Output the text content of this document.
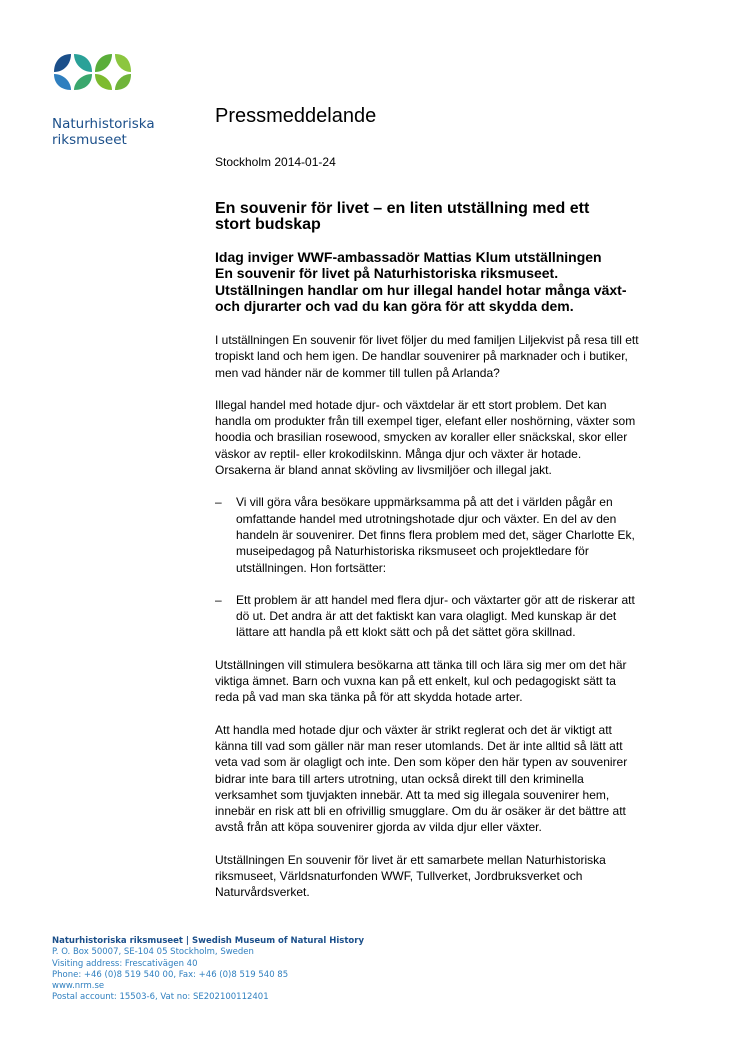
Naturhistoriska
riksmuseet
Pressmeddelande
Stockholm 2014-01-24
En souvenir för livet – en liten utställning med ett
stort budskap
Idag inviger WWF-ambassadör Mattias Klum utställningen
En souvenir för livet på Naturhistoriska riksmuseet.
Utställningen handlar om hur illegal handel hotar många växt-
och djurarter och vad du kan göra för att skydda dem.

I utställningen En souvenir för livet följer du med familjen Liljekvist på resa till ett
tropiskt land och hem igen. De handlar souvenirer på marknader och i butiker,
men vad händer när de kommer till tullen på Arlanda?

Illegal handel med hotade djur- och växtdelar är ett stort problem. Det kan
handla om produkter från till exempel tiger, elefant eller noshörning, växter som
hoodia och brasilian rosewood, smycken av koraller eller snäckskal, skor eller
väskor av reptil- eller krokodilskinn. Många djur och växter är hotade.
Orsakerna är bland annat skövling av livsmiljöer och illegal jakt.

–	Vi vill göra våra besökare uppmärksamma på att det i världen pågår en
omfattande handel med utrotningshotade djur och växter. En del av den
handeln är souvenirer. Det finns flera problem med det, säger Charlotte Ek,
museipedagog på Naturhistoriska riksmuseet och projektledare för
utställningen. Hon fortsätter:
–	Ett problem är att handel med flera djur- och växtarter gör att de riskerar att
dö ut. Det andra är att det faktiskt kan vara olagligt. Med kunskap är det
lättare att handla på ett klokt sätt och på det sättet göra skillnad.

Utställningen vill stimulera besökarna att tänka till och lära sig mer om det här
viktiga ämnet. Barn och vuxna kan på ett enkelt, kul och pedagogiskt sätt ta
reda på vad man ska tänka på för att skydda hotade arter.

Att handla med hotade djur och växter är strikt reglerat och det är viktigt att
känna till vad som gäller när man reser utomlands. Det är inte alltid så lätt att
veta vad som är olagligt och inte. Den som köper den här typen av souvenirer
bidrar inte bara till arters utrotning, utan också direkt till den kriminella
verksamhet som tjuvjakten innebär. Att ta med sig illegala souvenirer hem,
innebär en risk att bli en ofrivillig smugglare. Om du är osäker är det bättre att
avstå från att köpa souvenirer gjorda av vilda djur eller växter.

Utställningen En souvenir för livet är ett samarbete mellan Naturhistoriska
riksmuseet, Världsnaturfonden WWF, Tullverket, Jordbruksverket och
Naturvårdsverket.

Naturhistoriska riksmuseet | Swedish Museum of Natural History
P. O. Box 50007, SE-104 05 Stockholm, Sweden
Visiting address: Frescativägen 40
Phone: +46 (0)8 519 540 00, Fax: +46 (0)8 519 540 85
www.nrm.se
Postal account: 15503-6, Vat no: SE202100112401
